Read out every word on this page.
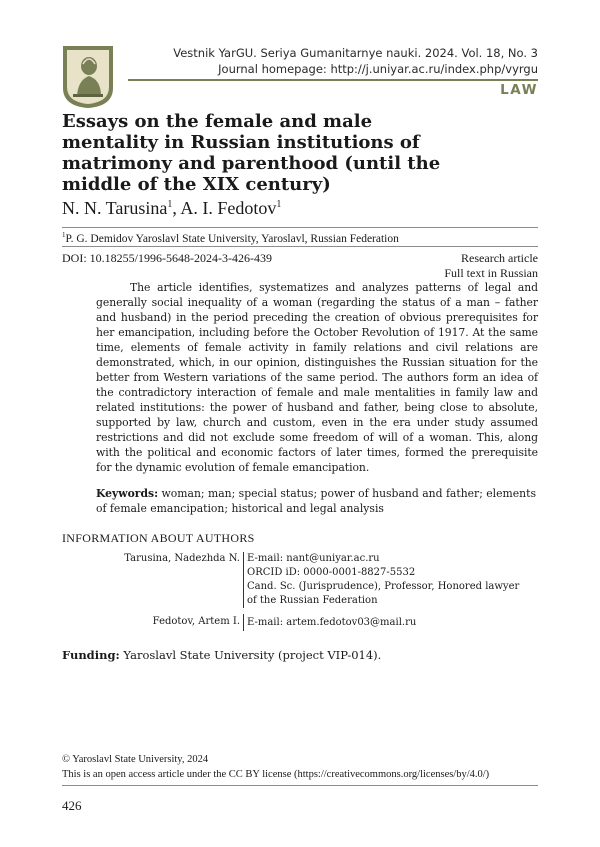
Vestnik YarGU. Seriya Gumanitarnye nauki. 2024. Vol. 18, No. 3
Journal homepage: http://j.uniyar.ac.ru/index.php/vyrgu
LAW
Essays on the female and male mentality in Russian institutions of matrimony and parenthood (until the middle of the XIX century)
N. N. Tarusina$^1$, A. I. Fedotov$^1$
$^1$P. G. Demidov Yaroslavl State University, Yaroslavl, Russian Federation
DOI: 10.18255/1996-5648-2024-3-426-439	Research article
Full text in Russian

The article identifies, systematizes and analyzes patterns of legal and generally social inequality of a woman (regarding the status of a man – father and husband) in the period preceding the creation of obvious prerequisites for her emancipation, including before the October Revolution of 1917. At the same time, elements of female activity in family relations and civil relations are demonstrated, which, in our opinion, distinguishes the Russian situation for the better from Western variations of the same period. The authors form an idea of the contradictory interaction of female and male mentalities in family law and related institutions: the power of husband and father, being close to absolute, supported by law, church and custom, even in the era under study assumed restrictions and did not exclude some freedom of will of a woman. This, along with the political and economic factors of later times, formed the prerequisite for the dynamic evolution of female emancipation.

Keywords: woman; man; special status; power of husband and father; elements of female emancipation; historical and legal analysis

INFORMATION ABOUT AUTHORS
Tarusina, Nadezhda N. E-mail: nant@uniyar.ac.ru
ORCID iD: 0000-0001-8827-5532
Cand. Sc. (Jurisprudence), Professor, Honored lawyer
of the Russian Federation
Fedotov, Artem I. E-mail: artem.fedotov03@mail.ru
Funding: Yaroslavl State University (project VIP-014).
© Yaroslavl State University, 2024
This is an open access article under the CC BY license (https://creativecommons.org/licenses/by/4.0/)
426
